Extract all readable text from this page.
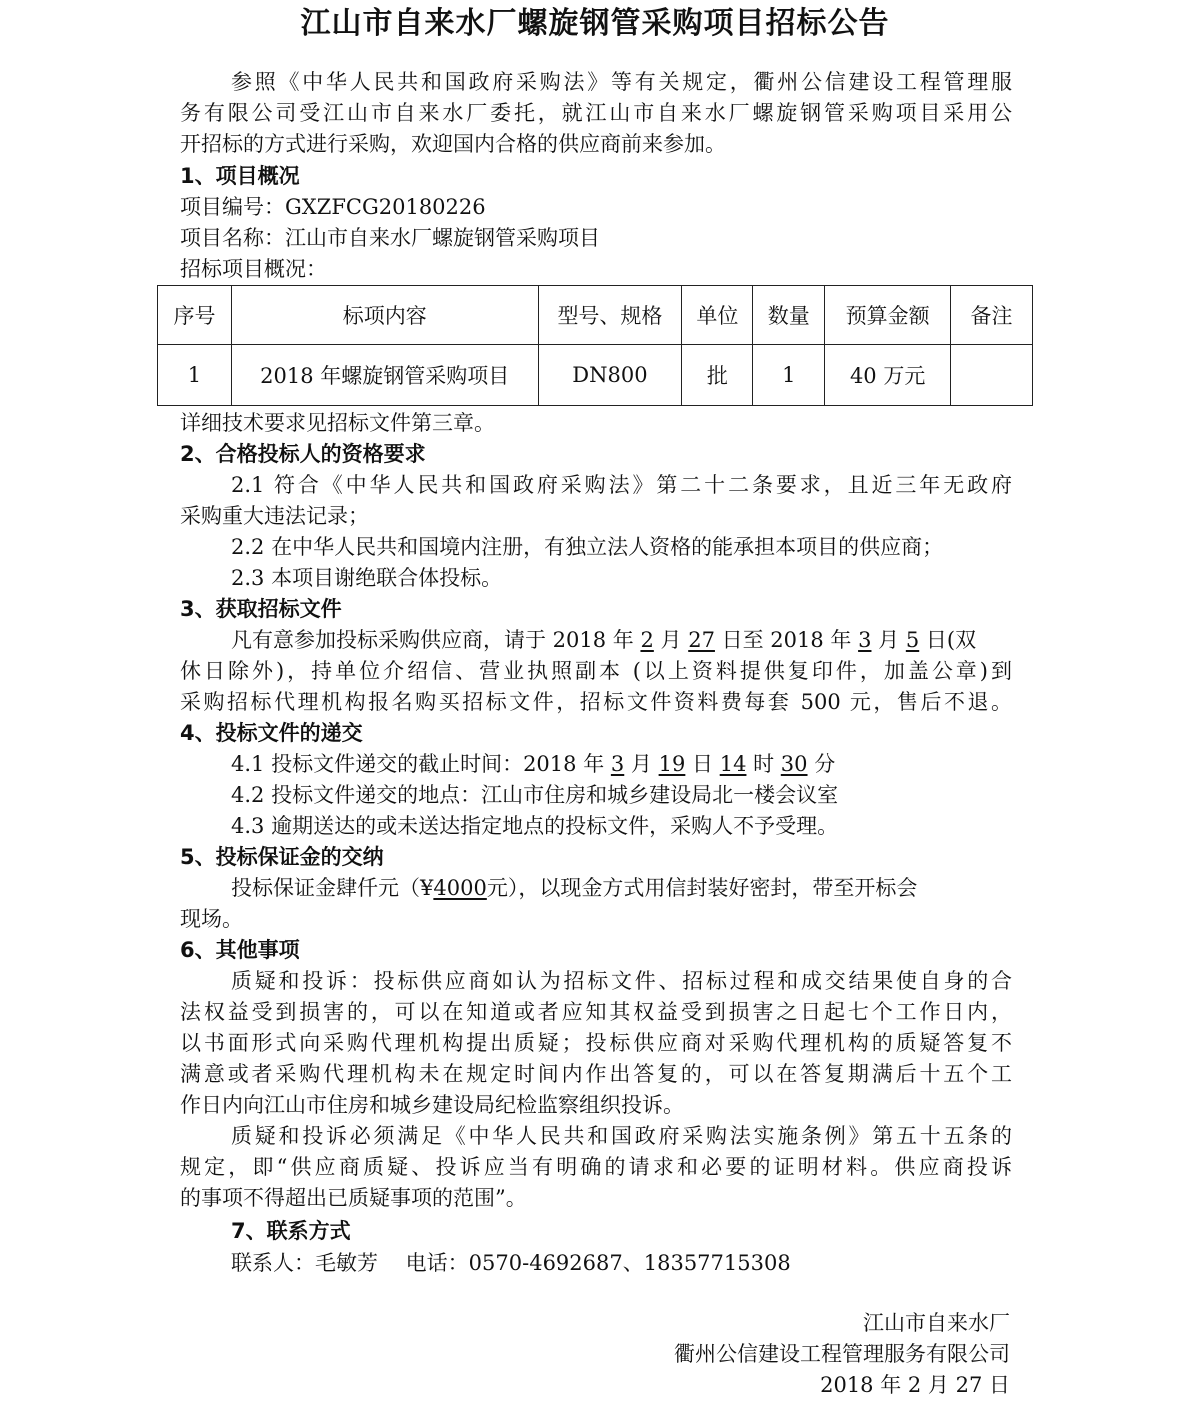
江山市自来水厂螺旋钢管采购项目招标公告
参照《中华人民共和国政府采购法》等有关规定，衢州公信建设工程管理服
务有限公司受江山市自来水厂委托，就江山市自来水厂螺旋钢管采购项目采用公
开招标的方式进行采购，欢迎国内合格的供应商前来参加。
1、项目概况
项目编号：GXZFCG20180226
项目名称：江山市自来水厂螺旋钢管采购项目
招标项目概况：
序号	标项内容	型号、规格	单位	数量	预算金额	备注
1	2018 年螺旋钢管采购项目	DN800	批	1	40 万元	
详细技术要求见招标文件第三章。
2、合格投标人的资格要求
2.1 符合《中华人民共和国政府采购法》第二十二条要求，且近三年无政府
采购重大违法记录；
2.2 在中华人民共和国境内注册，有独立法人资格的能承担本项目的供应商；
2.3 本项目谢绝联合体投标。
3、获取招标文件
凡有意参加投标采购供应商，请于 2018 年 2 月 27 日至 2018 年 3 月 5 日(双
休日除外)，持单位介绍信、营业执照副本 (以上资料提供复印件，加盖公章)到
采购招标代理机构报名购买招标文件，招标文件资料费每套 500 元，售后不退。
4、投标文件的递交
4.1 投标文件递交的截止时间：2018 年 3 月 19 日 14 时 30 分
4.2 投标文件递交的地点：江山市住房和城乡建设局北一楼会议室
4.3 逾期送达的或未送达指定地点的投标文件，采购人不予受理。
5、投标保证金的交纳
投标保证金肆仟元（¥4000元），以现金方式用信封装好密封，带至开标会
现场。
6、其他事项
质疑和投诉：投标供应商如认为招标文件、招标过程和成交结果使自身的合
法权益受到损害的，可以在知道或者应知其权益受到损害之日起七个工作日内，
以书面形式向采购代理机构提出质疑；投标供应商对采购代理机构的质疑答复不
满意或者采购代理机构未在规定时间内作出答复的，可以在答复期满后十五个工
作日内向江山市住房和城乡建设局纪检监察组织投诉。
质疑和投诉必须满足《中华人民共和国政府采购法实施条例》第五十五条的
规定，即“供应商质疑、投诉应当有明确的请求和必要的证明材料。供应商投诉
的事项不得超出已质疑事项的范围”。
7、联系方式
联系人：毛敏芳　 电话：0570-4692687、18357715308
江山市自来水厂
衢州公信建设工程管理服务有限公司
2018 年 2 月 27 日
